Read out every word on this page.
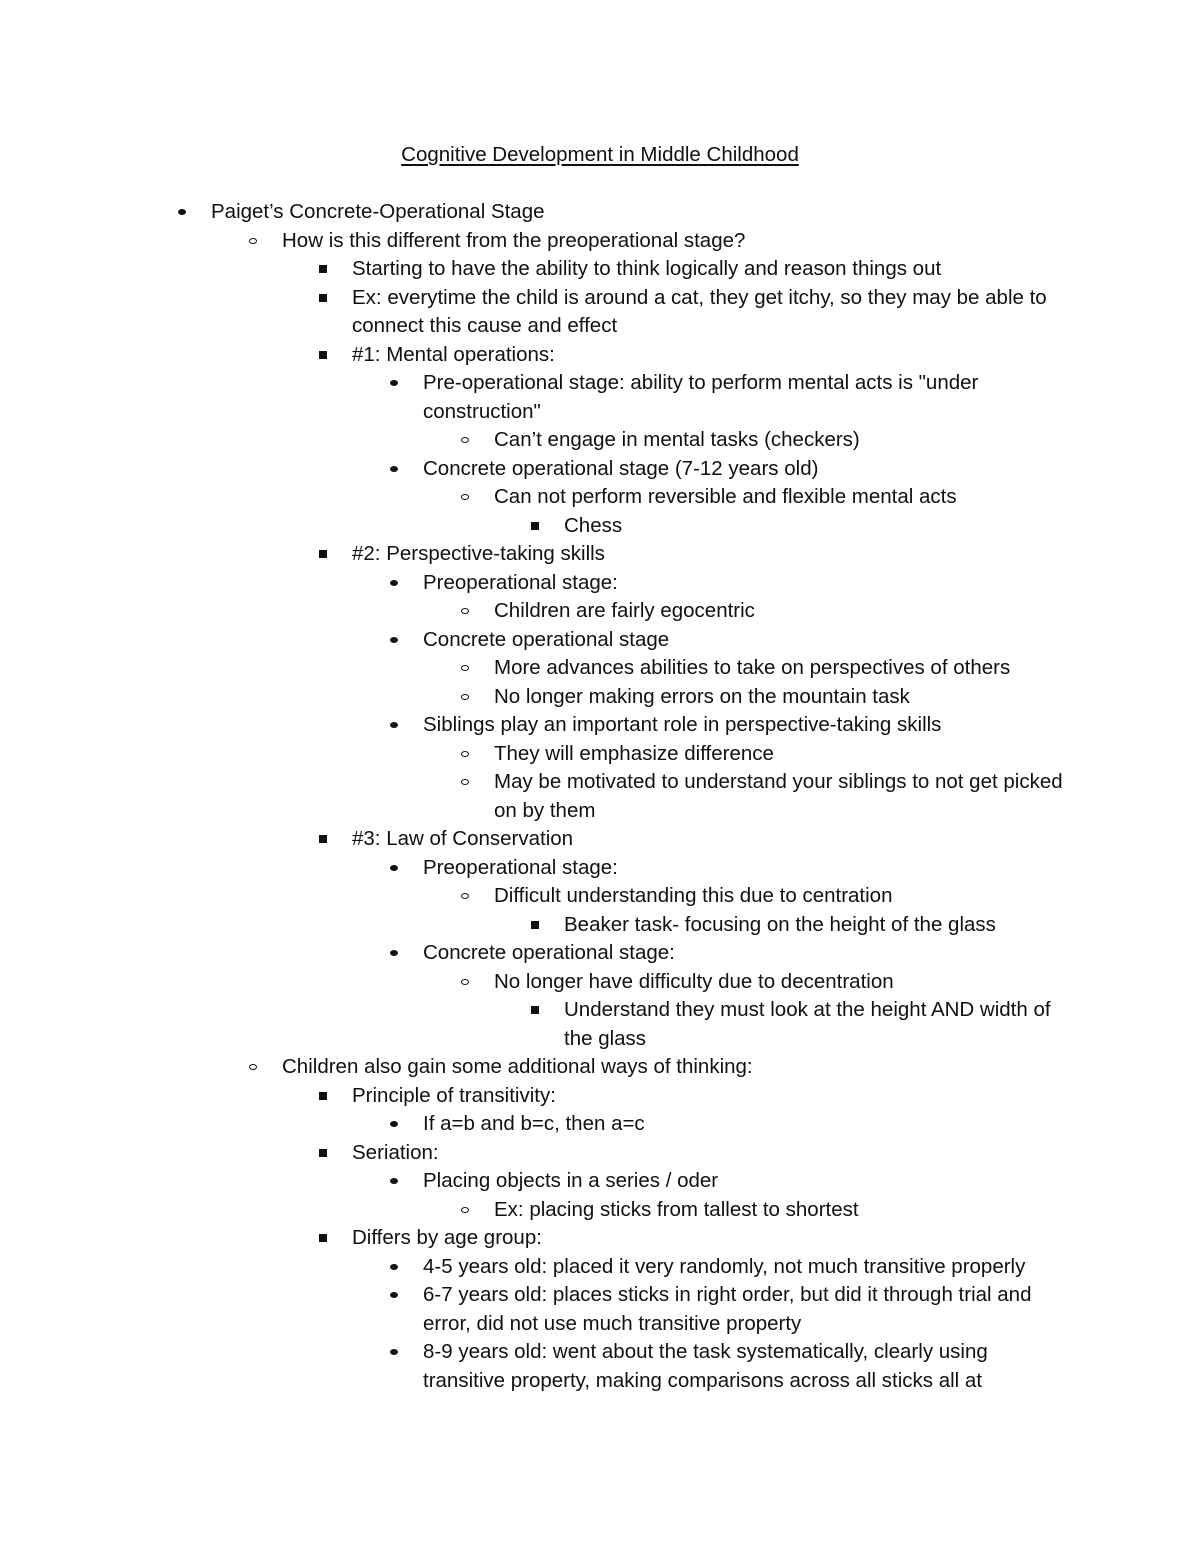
Cognitive Development in Middle Childhood
Paiget’s Concrete-Operational Stage
How is this different from the preoperational stage?
Starting to have the ability to think logically and reason things out
Ex: everytime the child is around a cat, they get itchy, so they may be able to connect this cause and effect
#1: Mental operations:
Pre-operational stage: ability to perform mental acts is "under construction"
Can’t engage in mental tasks (checkers)
Concrete operational stage (7-12 years old)
Can not perform reversible and flexible mental acts
Chess
#2: Perspective-taking skills
Preoperational stage:
Children are fairly egocentric
Concrete operational stage
More advances abilities to take on perspectives of others
No longer making errors on the mountain task
Siblings play an important role in perspective-taking skills
They will emphasize difference
May be motivated to understand your siblings to not get picked on by them
#3: Law of Conservation
Preoperational stage:
Difficult understanding this due to centration
Beaker task- focusing on the height of the glass
Concrete operational stage:
No longer have difficulty due to decentration
Understand they must look at the height AND width of the glass
Children also gain some additional ways of thinking:
Principle of transitivity:
If a=b and b=c, then a=c
Seriation:
Placing objects in a series / oder
Ex: placing sticks from tallest to shortest
Differs by age group:
4-5 years old: placed it very randomly, not much transitive properly
6-7 years old: places sticks in right order, but did it through trial and error, did not use much transitive property
8-9 years old: went about the task systematically, clearly using transitive property, making comparisons across all sticks all at
